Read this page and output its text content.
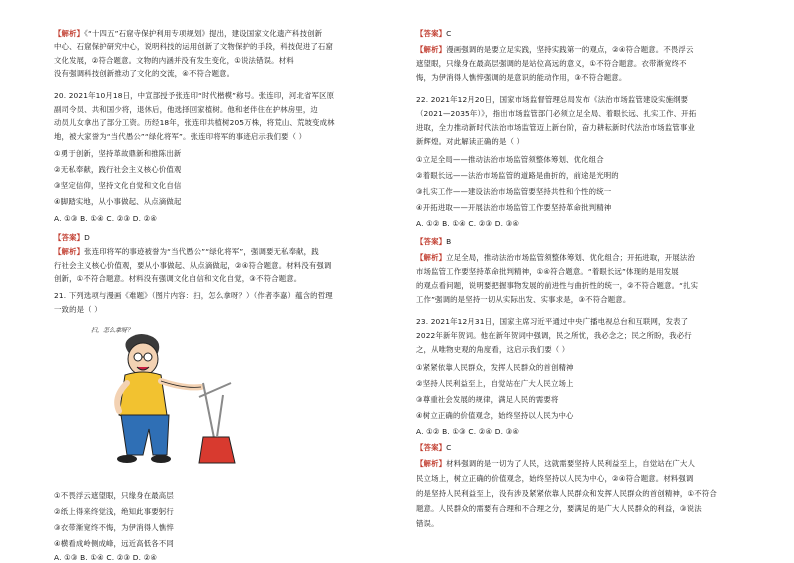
【解析】《“十四五”石窟寺保护利用专项规划》提出，建设国家文化遗产科技创新
中心、石窟保护研究中心，说明科技的运用创新了文物保护的手段，科技促进了石窟
文化发展，②符合题意。文物的内涵并没有发生变化，①说法错误。材料
没有强调科技创新推动了文化的交流，④不符合题意。
20. 2021年10月18日，中宣部授予张连印“时代楷模”称号。张连印，河北省军区原
副司令员、共和国少将，退休后，他选择回家植树。他和老伴住在护林房里，边
动员儿女拿出了部分工资。历经18年，张连印共植树205万株，将荒山、荒坡变成林
地，被大家誉为“当代愚公”“绿化将军”。张连印将军的事迹启示我们要（ ）
①勇于创新，坚持革故鼎新和推陈出新
②无私奉献，践行社会主义核心价值观
③坚定信仰，坚持文化自觉和文化自信
④脚踏实地，从小事做起、从点滴做起
A. ①③ B. ①④ C. ②③ D. ②④
【答案】D
【解析】张连印将军的事迹被誉为“当代愚公”“绿化将军”，强调要无私奉献，践
行社会主义核心价值观，要从小事做起、从点滴做起，②④符合题意。材料没有强调
创新，①不符合题意。材料没有强调文化自信和文化自觉，③不符合题意。
21. 下列选项与漫画《难题》（图片内容：扫，怎么拿呀？）（作者李嘉）蕴含的哲理
一致的是（ ）
扫，怎么拿呀？
①不畏浮云遮望眼，只缘身在最高层
②纸上得来终觉浅，绝知此事要躬行
③衣带渐宽终不悔，为伊消得人憔悴
④横看成岭侧成峰，远近高低各不同
A. ①③ B. ①④ C. ②③ D. ②④
【答案】C
【解析】漫画强调的是要立足实践，坚持实践第一的观点，②④符合题意。不畏浮云
遮望眼，只缘身在最高层强调的是站位高远的意义，①不符合题意。衣带渐宽终不
悔，为伊消得人憔悴强调的是意识的能动作用，③不符合题意。
22. 2021年12月20日，国家市场监督管理总局发布《法治市场监管建设实施纲要
（2021—2035年）》，指出市场监管部门必须立足全局、着眼长远、扎实工作、开拓
进取，全力推动新时代法治市场监管迈上新台阶，奋力耕耘新时代法治市场监管事业
新辉煌。对此解读正确的是（ ）
①立足全局——推动法治市场监管须整体筹划、优化组合
②着眼长远——法治市场监管的道路是曲折的，前途是光明的
③扎实工作——建设法治市场监管要坚持共性和个性的统一
④开拓进取——开展法治市场监管工作要坚持革命批判精神
A. ①② B. ①④ C. ②③ D. ③④
【答案】B
【解析】立足全局，推动法治市场监管须整体筹划、优化组合；开拓进取，开展法治
市场监管工作要坚持革命批判精神，①④符合题意。“着眼长远”体现的是用发展
的观点看问题，说明要把握事物发展的前进性与曲折性的统一，②不符合题意。“扎实
工作”强调的是坚持一切从实际出发、实事求是，③不符合题意。
23. 2021年12月31日，国家主席习近平通过中央广播电视总台和互联网，发表了
2022年新年贺词。他在新年贺词中强调，民之所忧，我必念之；民之所盼，我必行
之，从唯物史观的角度看，这启示我们要（ ）
①紧紧依靠人民群众，发挥人民群众的首创精神
②坚持人民利益至上，自觉站在广大人民立场上
③尊重社会发展的规律，满足人民的需要将
④树立正确的价值观念，始终坚持以人民为中心
A. ①② B. ①③ C. ②④ D. ③④
【答案】C
【解析】材料强调的是一切为了人民，这就需要坚持人民利益至上，自觉站在广大人
民立场上，树立正确的价值观念，始终坚持以人民为中心，②④符合题意。材料强调
的是坚持人民利益至上，没有涉及紧紧依靠人民群众和发挥人民群众的首创精神，①不符合
题意。人民群众的需要有合理和不合理之分，要满足的是广大人民群众的利益，③说法
错误。
